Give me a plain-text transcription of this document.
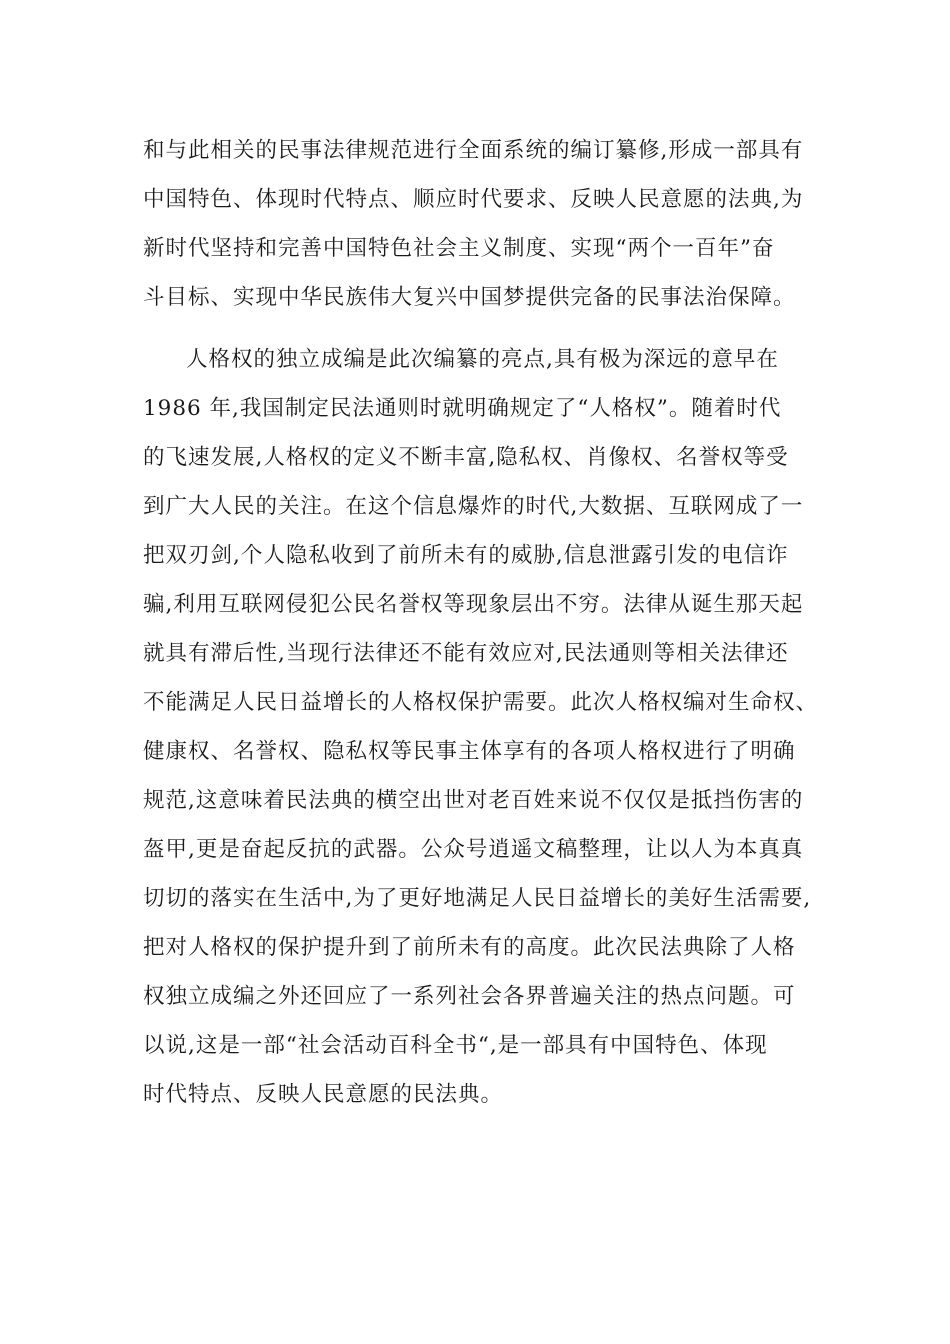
和与此相关的民事法律规范进行全面系统的编订纂修,形成一部具有
中国特色、体现时代特点、顺应时代要求、反映人民意愿的法典,为
新时代坚持和完善中国特色社会主义制度、实现“两个一百年”奋
斗目标、实现中华民族伟大复兴中国梦提供完备的民事法治保障。
人格权的独立成编是此次编纂的亮点,具有极为深远的意早在
1986 年,我国制定民法通则时就明确规定了“人格权”。随着时代
的飞速发展,人格权的定义不断丰富,隐私权、肖像权、名誉权等受
到广大人民的关注。在这个信息爆炸的时代,大数据、互联网成了一
把双刃剑,个人隐私收到了前所未有的威胁,信息泄露引发的电信诈
骗,利用互联网侵犯公民名誉权等现象层出不穷。法律从诞生那天起
就具有滞后性,当现行法律还不能有效应对,民法通则等相关法律还
不能满足人民日益增长的人格权保护需要。此次人格权编对生命权、
健康权、名誉权、隐私权等民事主体享有的各项人格权进行了明确
规范,这意味着民法典的横空出世对老百姓来说不仅仅是抵挡伤害的
盔甲,更是奋起反抗的武器。公众号逍遥文稿整理，让以人为本真真
切切的落实在生活中,为了更好地满足人民日益增长的美好生活需要,
把对人格权的保护提升到了前所未有的高度。此次民法典除了人格
权独立成编之外还回应了一系列社会各界普遍关注的热点问题。可
以说,这是一部“社会活动百科全书“,是一部具有中国特色、体现
时代特点、反映人民意愿的民法典。
